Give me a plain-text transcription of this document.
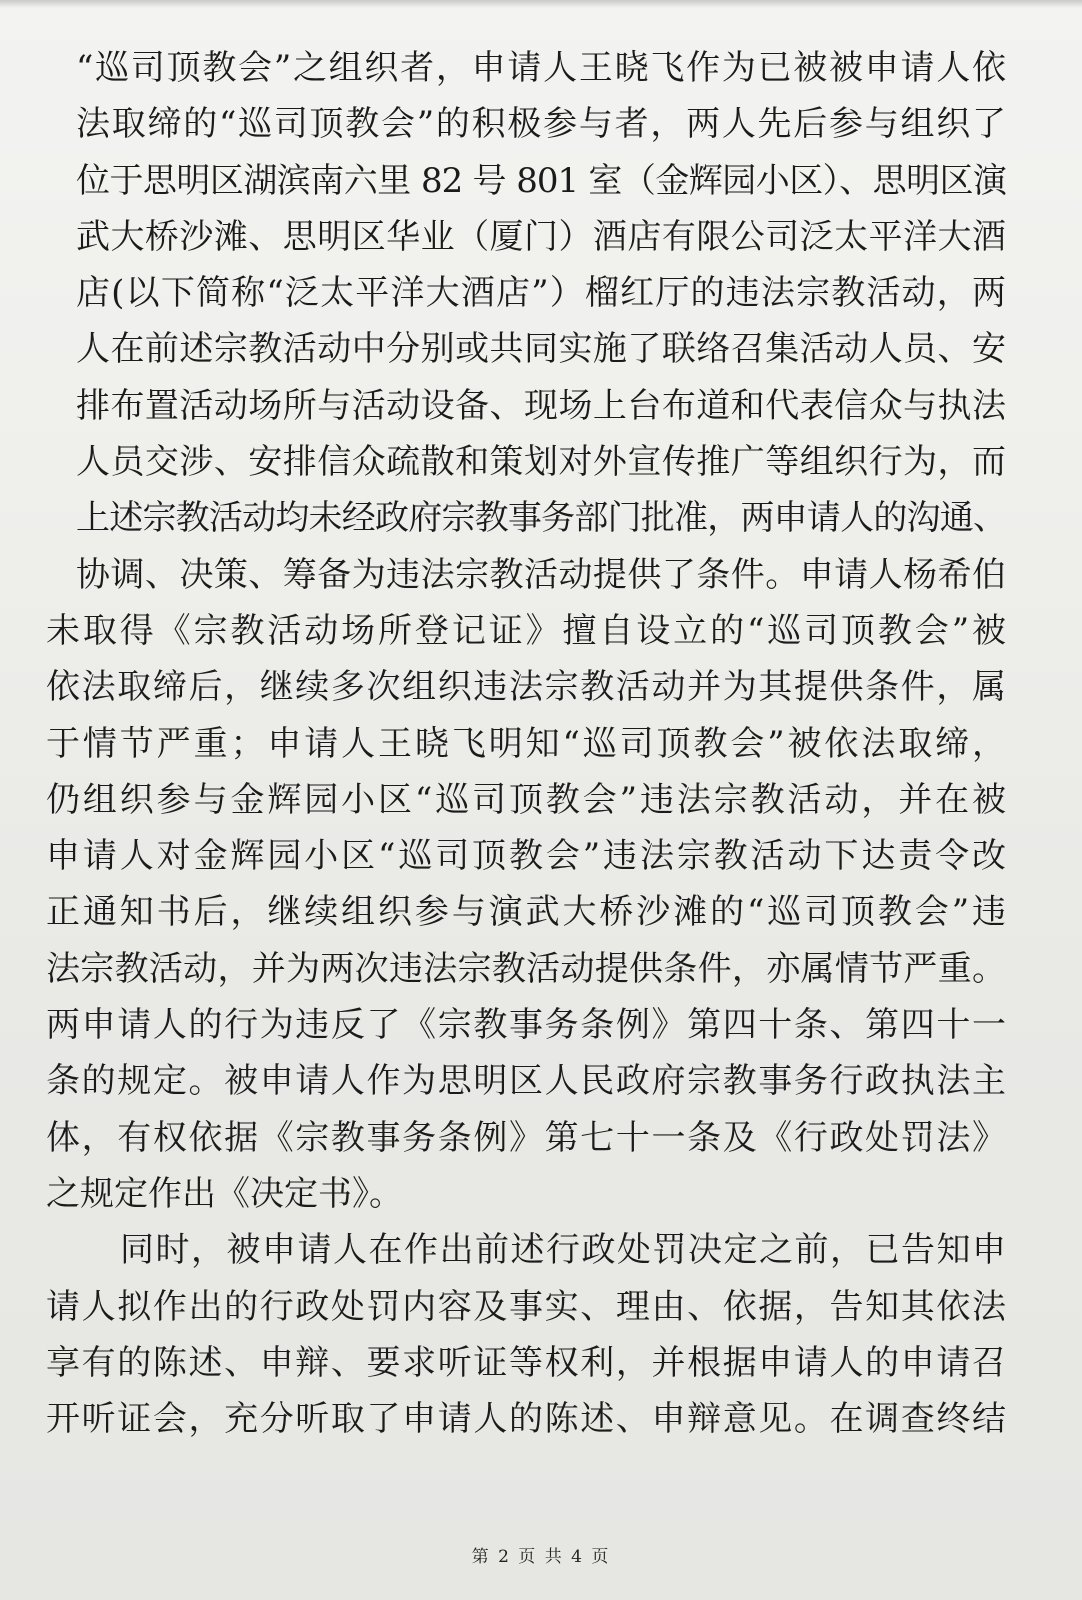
“巡司顶教会”之组织者，申请人王晓飞作为已被被申请人依
法取缔的“巡司顶教会”的积极参与者，两人先后参与组织了
位于思明区湖滨南六里 82 号 801 室（金辉园小区）、思明区演
武大桥沙滩、思明区华业（厦门）酒店有限公司泛太平洋大酒
店(以下简称“泛太平洋大酒店”）榴红厅的违法宗教活动，两
人在前述宗教活动中分别或共同实施了联络召集活动人员、安
排布置活动场所与活动设备、现场上台布道和代表信众与执法
人员交涉、安排信众疏散和策划对外宣传推广等组织行为，而
上述宗教活动均未经政府宗教事务部门批准，两申请人的沟通、
协调、决策、筹备为违法宗教活动提供了条件。申请人杨希伯
未取得《宗教活动场所登记证》擅自设立的“巡司顶教会”被
依法取缔后，继续多次组织违法宗教活动并为其提供条件，属
于情节严重；申请人王晓飞明知“巡司顶教会”被依法取缔，
仍组织参与金辉园小区“巡司顶教会”违法宗教活动，并在被
申请人对金辉园小区“巡司顶教会”违法宗教活动下达责令改
正通知书后，继续组织参与演武大桥沙滩的“巡司顶教会”违
法宗教活动，并为两次违法宗教活动提供条件，亦属情节严重。
两申请人的行为违反了《宗教事务条例》第四十条、第四十一
条的规定。被申请人作为思明区人民政府宗教事务行政执法主
体，有权依据《宗教事务条例》第七十一条及《行政处罚法》
之规定作出《决定书》。
同时，被申请人在作出前述行政处罚决定之前，已告知申
请人拟作出的行政处罚内容及事实、理由、依据，告知其依法
享有的陈述、申辩、要求听证等权利，并根据申请人的申请召
开听证会，充分听取了申请人的陈述、申辩意见。在调查终结
第 2 页 共 4 页
